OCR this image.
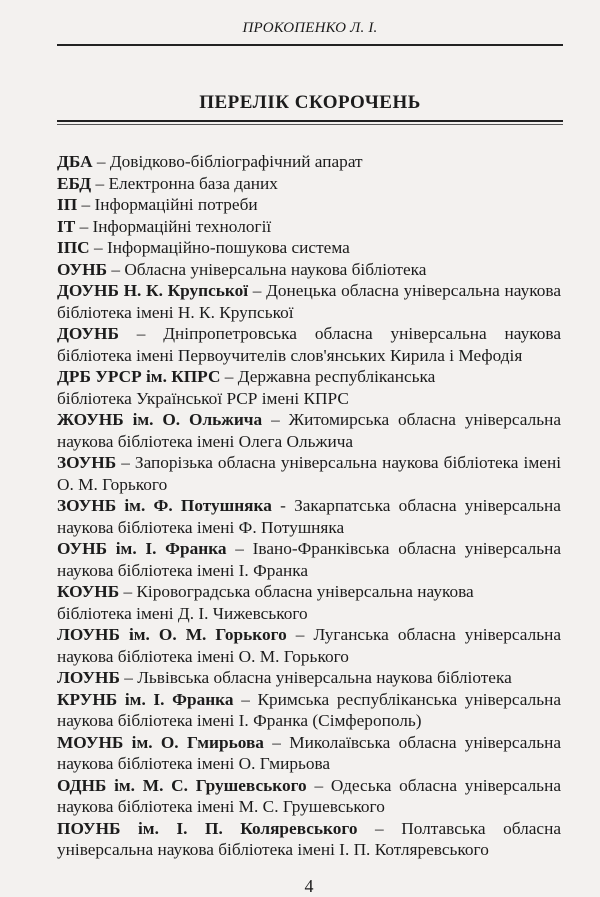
ПРОКОПЕНКО Л. І.
ПЕРЕЛІК СКОРОЧЕНЬ

ДБА – Довідково-бібліографічний апарат

ЕБД – Електронна база даних

ІП – Інформаційні потреби

ІТ – Інформаційні технології

ІПС – Інформаційно-пошукова система

ОУНБ – Обласна універсальна наукова бібліотека

ДОУНБ Н. К. Крупської – Донецька обласна універсальна наукова бібліотека імені Н. К. Крупської

ДОУНБ – Дніпропетровська обласна універсальна наукова бібліотека імені Первоучителів слов'янських Кирила і Мефодія

ДРБ УРСР ім. КПРС – Державна республіканська
бібліотека Української РСР імені КПРС

ЖОУНБ ім. О. Ольжича – Житомирська обласна універсальна наукова бібліотека імені Олега Ольжича

ЗОУНБ – Запорізька обласна універсальна наукова бібліотека імені О. М. Горького

ЗОУНБ ім. Ф. Потушняка - Закарпатська обласна універсальна наукова бібліотека імені Ф. Потушняка

ОУНБ ім. І. Франка – Івано-Франківська обласна універсальна наукова бібліотека імені І. Франка

КОУНБ – Кіровоградська обласна універсальна наукова
бібліотека імені Д. І. Чижевського

ЛОУНБ ім. О. М. Горького – Луганська обласна універсальна наукова бібліотека імені О. М. Горького

ЛОУНБ – Львівська обласна універсальна наукова бібліотека

КРУНБ ім. І. Франка – Кримська республіканська універсальна наукова бібліотека імені І. Франка (Сімферополь)

МОУНБ ім. О. Гмирьова – Миколаївська обласна універсальна наукова бібліотека імені О. Гмирьова

ОДНБ ім. М. С. Грушевського – Одеська обласна універсальна наукова бібліотека імені М. С. Грушевського

ПОУНБ ім. І. П. Коляревського – Полтавська обласна універсальна наукова бібліотека імені І. П. Котляревського

4
